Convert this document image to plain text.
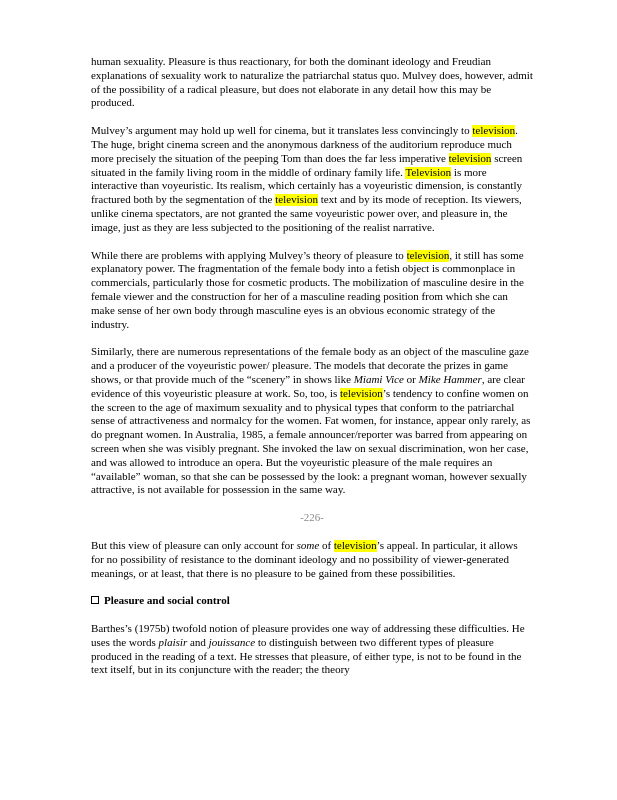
human sexuality. Pleasure is thus reactionary, for both the dominant ideology and Freudian explanations of sexuality work to naturalize the patriarchal status quo. Mulvey does, however, admit of the possibility of a radical pleasure, but does not elaborate in any detail how this may be produced.

Mulvey’s argument may hold up well for cinema, but it translates less convincingly to television. The huge, bright cinema screen and the anonymous darkness of the auditorium reproduce much more precisely the situation of the peeping Tom than does the far less imperative television screen situated in the family living room in the middle of ordinary family life. Television is more interactive than voyeuristic. Its realism, which certainly has a voyeuristic dimension, is constantly fractured both by the segmentation of the television text and by its mode of reception. Its viewers, unlike cinema spectators, are not granted the same voyeuristic power over, and pleasure in, the image, just as they are less subjected to the positioning of the realist narrative.

While there are problems with applying Mulvey’s theory of pleasure to television, it still has some explanatory power. The fragmentation of the female body into a fetish object is commonplace in commercials, particularly those for cosmetic products. The mobilization of masculine desire in the female viewer and the construction for her of a masculine reading position from which she can make sense of her own body through masculine eyes is an obvious economic strategy of the industry.

Similarly, there are numerous representations of the female body as an object of the masculine gaze and a producer of the voyeuristic power/ pleasure. The models that decorate the prizes in game shows, or that provide much of the “scenery” in shows like Miami Vice or Mike Hammer, are clear evidence of this voyeuristic pleasure at work. So, too, is television’s tendency to confine women on the screen to the age of maximum sexuality and to physical types that conform to the patriarchal sense of attractiveness and normalcy for the women. Fat women, for instance, appear only rarely, as do pregnant women. In Australia, 1985, a female announcer/reporter was barred from appearing on screen when she was visibly pregnant. She invoked the law on sexual discrimination, won her case, and was allowed to introduce an opera. But the voyeuristic pleasure of the male requires an “available” woman, so that she can be possessed by the look: a pregnant woman, however sexually attractive, is not available for possession in the same way.

-226-

But this view of pleasure can only account for some of television’s appeal. In particular, it allows for no possibility of resistance to the dominant ideology and no possibility of viewer-generated meanings, or at least, that there is no pleasure to be gained from these possibilities.

Pleasure and social control

Barthes’s (1975b) twofold notion of pleasure provides one way of addressing these difficulties. He uses the words plaisir and jouissance to distinguish between two different types of pleasure produced in the reading of a text. He stresses that pleasure, of either type, is not to be found in the text itself, but in its conjuncture with the reader; the theory
